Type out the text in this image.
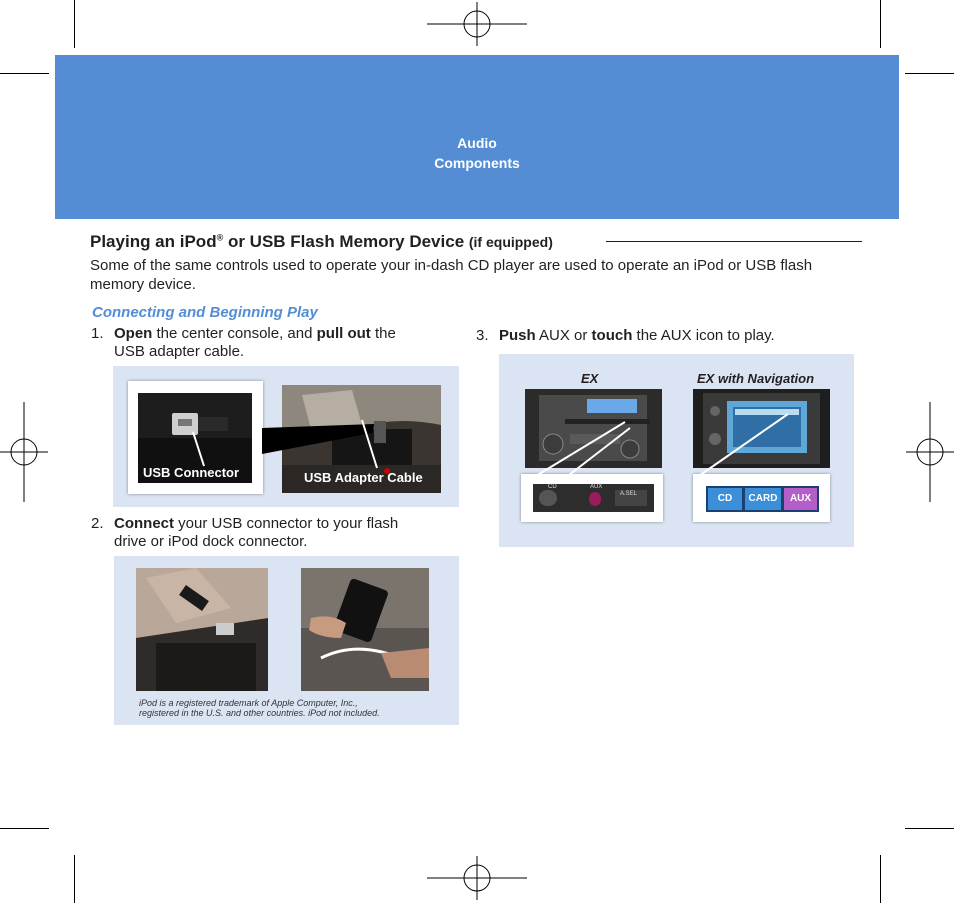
Audio
Components
Playing an iPod® or USB Flash Memory Device (if equipped)
Some of the same controls used to operate your in-dash CD player are used to operate an iPod or USB flash memory device.
Connecting and Beginning Play
1. Open the center console, and pull out the
USB adapter cable.
USB Connector	USB Adapter Cable
2. Connect your USB connector to your flash
drive or iPod dock connector.
iPod is a registered trademark of Apple Computer, Inc.,
registered in the U.S. and other countries. iPod not included.
3. Push AUX or touch the AUX icon to play.
EX	EX with Navigation
CD	AUX
A.SEL	CD	CARD	AUX
